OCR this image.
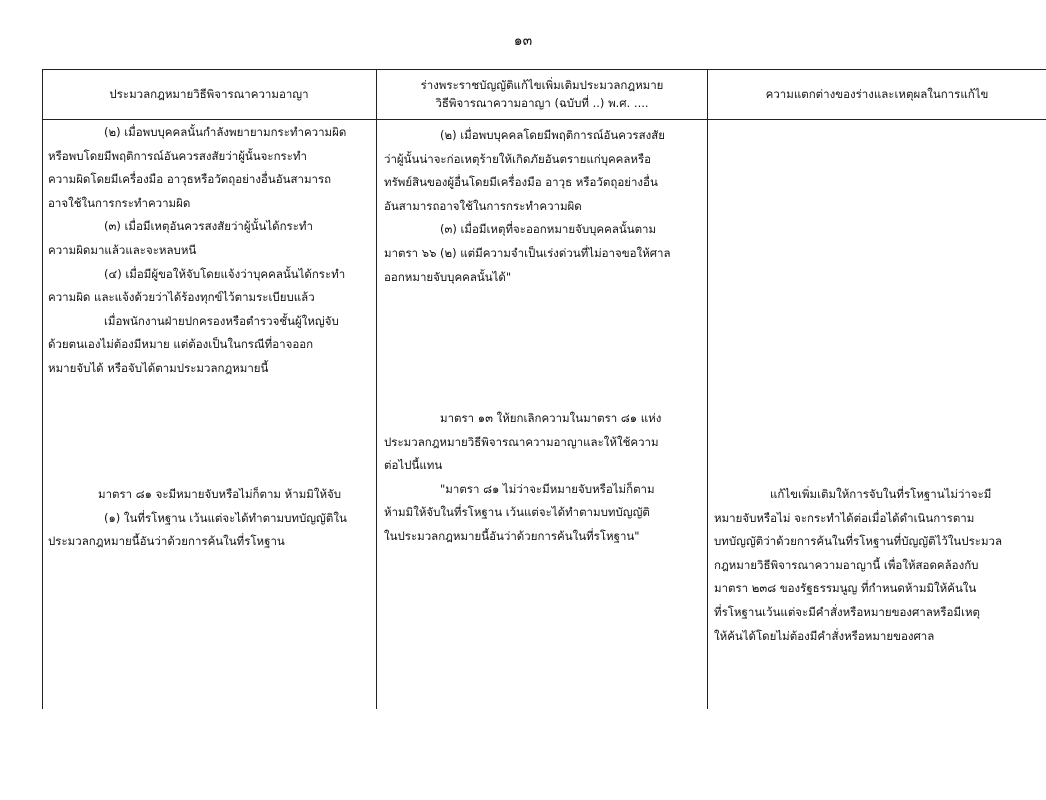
๑๓
ประมวลกฎหมายวิธีพิจารณาความอาญา
ร่างพระราชบัญญัติแก้ไขเพิ่มเติมประมวลกฎหมาย
วิธีพิจารณาความอาญา (ฉบับที่ ..) พ.ศ. ....
ความแตกต่างของร่างและเหตุผลในการแก้ไข
(๒) เมื่อพบบุคคลนั้นกำลังพยายามกระทำความผิด
หรือพบโดยมีพฤติการณ์อันควรสงสัยว่าผู้นั้นจะกระทำ
ความผิดโดยมีเครื่องมือ อาวุธหรือวัตถุอย่างอื่นอันสามารถ
อาจใช้ในการกระทำความผิด
(๓) เมื่อมีเหตุอันควรสงสัยว่าผู้นั้นได้กระทำ
ความผิดมาแล้วและจะหลบหนี
(๔) เมื่อมีผู้ขอให้จับโดยแจ้งว่าบุคคลนั้นได้กระทำ
ความผิด และแจ้งด้วยว่าได้ร้องทุกข์ไว้ตามระเบียบแล้ว
เมื่อพนักงานฝ่ายปกครองหรือตำรวจชั้นผู้ใหญ่จับ
ด้วยตนเองไม่ต้องมีหมาย แต่ต้องเป็นในกรณีที่อาจออก
หมายจับได้ หรือจับได้ตามประมวลกฎหมายนี้
มาตรา ๘๑ จะมีหมายจับหรือไม่ก็ตาม ห้ามมิให้จับ
(๑) ในที่รโหฐาน เว้นแต่จะได้ทำตามบทบัญญัติใน
ประมวลกฎหมายนี้อันว่าด้วยการค้นในที่รโหฐาน
(๒) เมื่อพบบุคคลโดยมีพฤติการณ์อันควรสงสัย
ว่าผู้นั้นน่าจะก่อเหตุร้ายให้เกิดภัยอันตรายแก่บุคคลหรือ
ทรัพย์สินของผู้อื่นโดยมีเครื่องมือ อาวุธ หรือวัตถุอย่างอื่น
อันสามารถอาจใช้ในการกระทำความผิด
(๓) เมื่อมีเหตุที่จะออกหมายจับบุคคลนั้นตาม
มาตรา ๖๖ (๒) แต่มีความจำเป็นเร่งด่วนที่ไม่อาจขอให้ศาล
ออกหมายจับบุคคลนั้นได้"
มาตรา ๑๓ ให้ยกเลิกความในมาตรา ๘๑ แห่ง
ประมวลกฎหมายวิธีพิจารณาความอาญาและให้ใช้ความ
ต่อไปนี้แทน
"มาตรา ๘๑ ไม่ว่าจะมีหมายจับหรือไม่ก็ตาม
ห้ามมิให้จับในที่รโหฐาน เว้นแต่จะได้ทำตามบทบัญญัติ
ในประมวลกฎหมายนี้อันว่าด้วยการค้นในที่รโหฐาน"
แก้ไขเพิ่มเติมให้การจับในที่รโหฐานไม่ว่าจะมี
หมายจับหรือไม่ จะกระทำได้ต่อเมื่อได้ดำเนินการตาม
บทบัญญัติว่าด้วยการค้นในที่รโหฐานที่บัญญัติไว้ในประมวล
กฎหมายวิธีพิจารณาความอาญานี้ เพื่อให้สอดคล้องกับ
มาตรา ๒๓๘ ของรัฐธรรมนูญ ที่กำหนดห้ามมิให้ค้นใน
ที่รโหฐานเว้นแต่จะมีคำสั่งหรือหมายของศาลหรือมีเหตุ
ให้ค้นได้โดยไม่ต้องมีคำสั่งหรือหมายของศาล
